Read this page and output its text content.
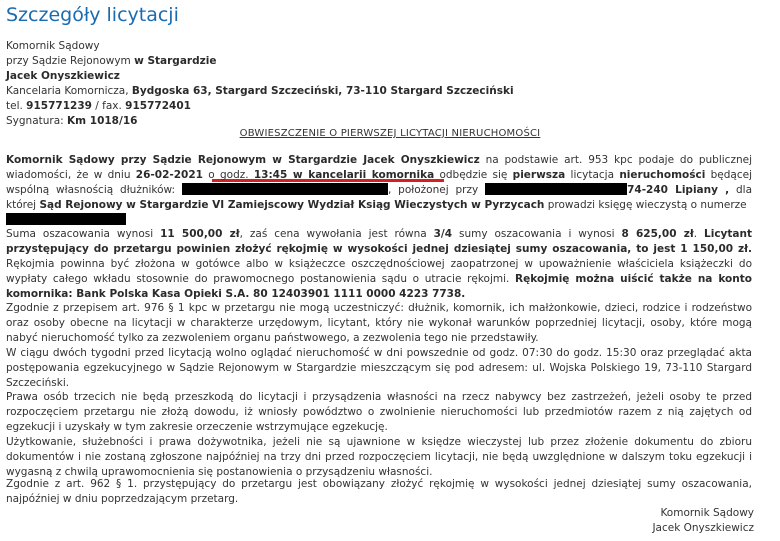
Szczegóły licytacji
Komornik Sądowy
przy Sądzie Rejonowym w Stargardzie
Jacek Onyszkiewicz
Kancelaria Komornicza, Bydgoska 63, Stargard Szczeciński, 73-110 Stargard Szczeciński
tel. 915771239 / fax. 915772401
Sygnatura: Km 1018/16
OBWIESZCZENIE O PIERWSZEJ LICYTACJI NIERUCHOMOŚCI
Komornik Sądowy przy Sądzie Rejonowym w Stargardzie Jacek Onyszkiewicz na podstawie art. 953 kpc podaje do publicznej wiadomości, że w dniu 26-02-2021 o godz. 13:45 w kancelarii komornika odbędzie się pierwsza licytacja nieruchomości będącej wspólną własnością dłużników:	, położonej przy	74-240 Lipiany , dla której Sąd Rejonowy w Stargardzie VI Zamiejscowy Wydział Ksiąg Wieczystych w Pyrzycach prowadzi księgę wieczystą o numerze

Suma oszacowania wynosi 11 500,00 zł, zaś cena wywołania jest równa 3/4 sumy oszacowania i wynosi 8 625,00 zł. Licytant przystępujący do przetargu powinien złożyć rękojmię w wysokości jednej dziesiątej sumy oszacowania, to jest 1 150,00 zł. Rękojmia powinna być złożona w gotówce albo w książeczce oszczędnościowej zaopatrzonej w upoważnienie właściciela książeczki do wypłaty całego wkładu stosownie do prawomocnego postanowienia sądu o utracie rękojmi. Rękojmię można uiścić także na konto komornika: Bank Polska Kasa Opieki S.A. 80 12403901 1111 0000 4223 7738.
Zgodnie z przepisem art. 976 § 1 kpc w przetargu nie mogą uczestniczyć: dłużnik, komornik, ich małżonkowie, dzieci, rodzice i rodzeństwo oraz osoby obecne na licytacji w charakterze urzędowym, licytant, który nie wykonał warunków poprzedniej licytacji, osoby, które mogą nabyć nieruchomość tylko za zezwoleniem organu państwowego, a zezwolenia tego nie przedstawiły.
W ciągu dwóch tygodni przed licytacją wolno oglądać nieruchomość w dni powszednie od godz. 07:30 do godz. 15:30 oraz przeglądać akta postępowania egzekucyjnego w Sądzie Rejonowym w Stargardzie mieszczącym się pod adresem: ul. Wojska Polskiego 19, 73-110 Stargard Szczeciński.
Prawa osób trzecich nie będą przeszkodą do licytacji i przysądzenia własności na rzecz nabywcy bez zastrzeżeń, jeżeli osoby te przed rozpoczęciem przetargu nie złożą dowodu, iż wniosły powództwo o zwolnienie nieruchomości lub przedmiotów razem z nią zajętych od egzekucji i uzyskały w tym zakresie orzeczenie wstrzymujące egzekucję.
Użytkowanie, służebności i prawa dożywotnika, jeżeli nie są ujawnione w księdze wieczystej lub przez złożenie dokumentu do zbioru dokumentów i nie zostaną zgłoszone najpóźniej na trzy dni przed rozpoczęciem licytacji, nie będą uwzględnione w dalszym toku egzekucji i wygasną z chwilą uprawomocnienia się postanowienia o przysądzeniu własności.
Zgodnie z art. 962 § 1. przystępujący do przetargu jest obowiązany złożyć rękojmię w wysokości jednej dziesiątej sumy oszacowania, najpóźniej w dniu poprzedzającym przetarg.
Komornik Sądowy
Jacek Onyszkiewicz
